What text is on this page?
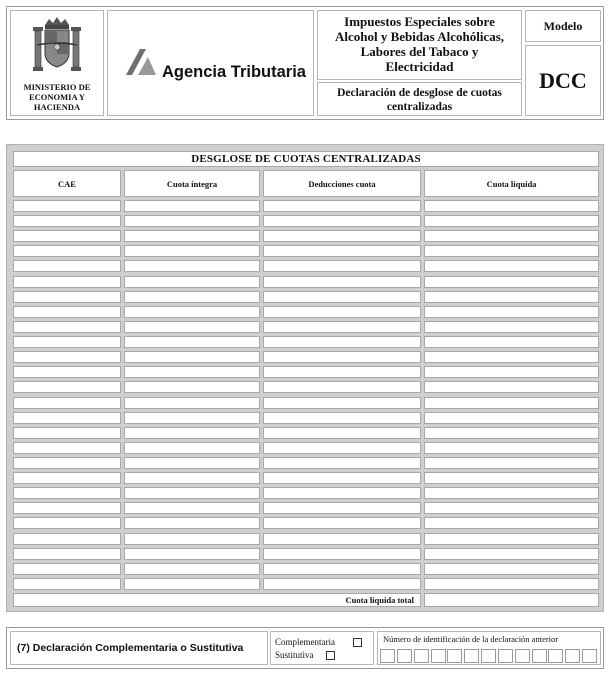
MINISTERIO DE
ECONOMIA Y
HACIENDA
Agencia Tributaria
Impuestos Especiales sobre
Alcohol y Bebidas Alcohólicas,
Labores del Tabaco y
Electricidad
Declaración de desglose de cuotas
centralizadas
Modelo
DCC
DESGLOSE DE CUOTAS CENTRALIZADAS
CAE	Cuota íntegra	Deducciones cuota	Cuota líquida
Cuota líquida total
(7) Declaración Complementaria o Sustitutiva	Complementaria
Sustitutiva
Número de identificación de la declaración anterior
